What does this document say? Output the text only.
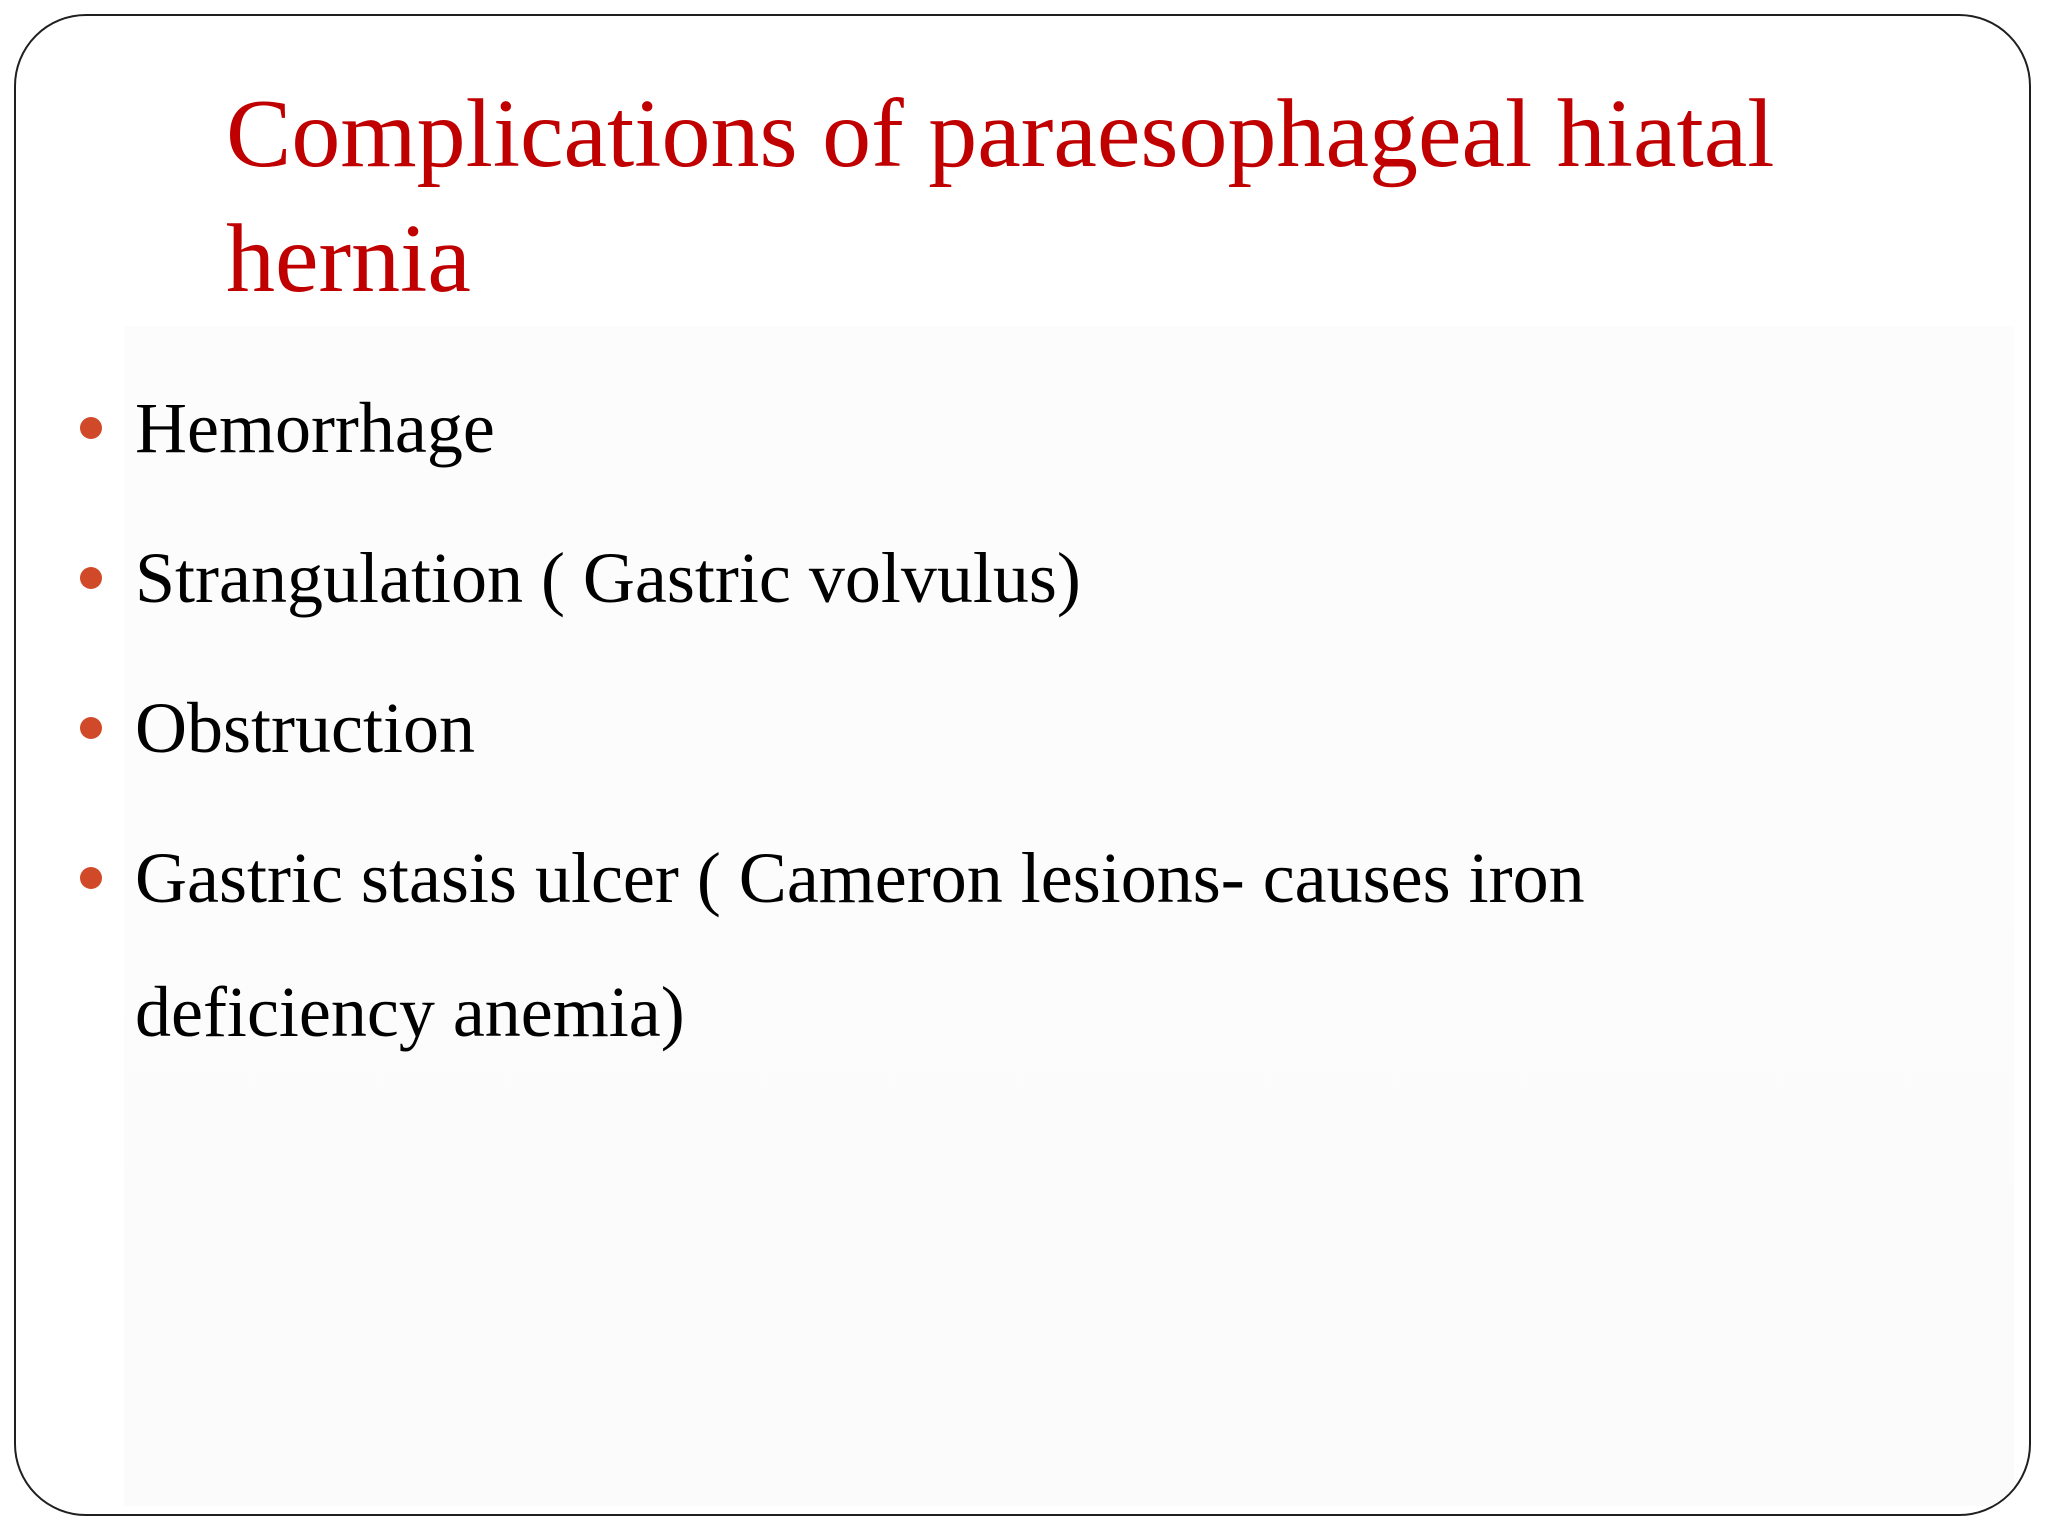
Complications of paraesophageal hiatal hernia
Hemorrhage
Strangulation ( Gastric volvulus)
Obstruction
Gastric stasis ulcer ( Cameron lesions- causes iron deficiency anemia)
